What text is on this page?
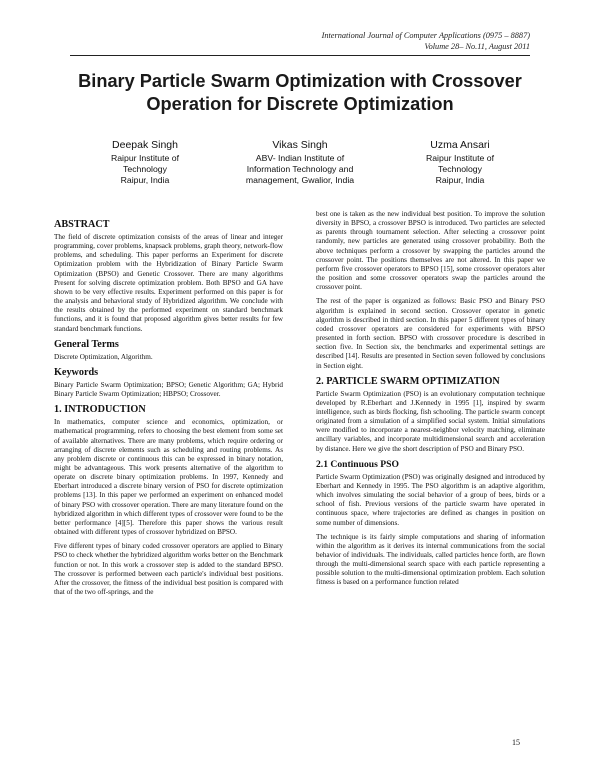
International Journal of Computer Applications (0975 – 8887)
Volume 28– No.11, August 2011
Binary Particle Swarm Optimization with Crossover
Operation for Discrete Optimization
Deepak Singh
Raipur Institute of
Technology
Raipur, India
Vikas Singh
ABV- Indian Institute of
Information Technology and
management, Gwalior, India
Uzma Ansari
Raipur Institute of
Technology
Raipur, India
ABSTRACT

The field of discrete optimization consists of the areas of linear and integer programming, cover problems, knapsack problems, graph theory, network-flow problems, and scheduling. This paper performs an Experiment for discrete Optimization problem with the Hybridization of Binary Particle Swarm Optimization (BPSO) and Genetic Crossover. There are many algorithms Present for solving discrete optimization problem. Both BPSO and GA have shown to be very effective results. Experiment performed on this paper is for the analysis and behavioral study of Hybridized algorithm. We conclude with the results obtained by the performed experiment on standard benchmark functions, and it is found that proposed algorithm gives better results for few standard benchmark functions.

General Terms

Discrete Optimization, Algorithm.

Keywords

Binary Particle Swarm Optimization; BPSO; Genetic Algorithm; GA; Hybrid Binary Particle Swarm Optimization; HBPSO; Crossover.

1. INTRODUCTION

In mathematics, computer science and economics, optimization, or mathematical programming, refers to choosing the best element from some set of available alternatives. There are many problems, which require ordering or arranging of discrete elements such as scheduling and routing problems. As any problem discrete or continuous this can be expressed in binary notation, might be advantageous. This work presents alternative of the algorithm to operate on discrete binary optimization problems. In 1997, Kennedy and Eberhart introduced a discrete binary version of PSO for discrete optimization problems [13]. In this paper we performed an experiment on enhanced model of binary PSO with crossover operation. There are many literature found on the hybridized algorithm in which different types of crossover were found to be the better performance [4][5]. Therefore this paper shows the various result obtained with different types of crossover hybridized on BPSO.

Five different types of binary coded crossover operators are applied to Binary PSO to check whether the hybridized algorithm works better on the Benchmark function or not. In this work a crossover step is added to the standard BPSO. The crossover is performed between each particle's individual best positions. After the crossover, the fitness of the individual best position is compared with that of the two off-springs, and the

best one is taken as the new individual best position. To improve the solution diversity in BPSO, a crossover BPSO is introduced. Two particles are selected as parents through tournament selection. After selecting a crossover point randomly, new particles are generated using crossover probability. Both the above techniques perform a crossover by swapping the particles around the crossover point. The positions themselves are not altered. In this paper we perform five crossover operators to BPSO [15], some crossover operators alter the position and some crossover operators swap the particles around the crossover point.

The rest of the paper is organized as follows: Basic PSO and Binary PSO algorithm is explained in second section. Crossover operator in genetic algorithm is described in third section. In this paper 5 different types of binary coded crossover operators are considered for experiments with BPSO presented in forth section. BPSO with crossover procedure is described in section five. In Section six, the benchmarks and experimental settings are described [14]. Results are presented in Section seven followed by conclusions in Section eight.

2. PARTICLE SWARM OPTIMIZATION

Particle Swarm Optimization (PSO) is an evolutionary computation technique developed by R.Eberhart and J.Kennedy in 1995 [1], inspired by swarm intelligence, such as birds flocking, fish schooling. The particle swarm concept originated from a simulation of a simplified social system. Initial simulations were modified to incorporate a nearest-neighbor velocity matching, eliminate ancillary variables, and incorporate multidimensional search and acceleration by distance. Here we give the short description of PSO and Binary PSO.

2.1 Continuous PSO

Particle Swarm Optimization (PSO) was originally designed and introduced by Eberhart and Kennedy in 1995. The PSO algorithm is an adaptive algorithm, which involves simulating the social behavior of a group of bees, birds or a school of fish. Previous versions of the particle swarm have operated in continuous space, where trajectories are defined as changes in position on some number of dimensions.

The technique is its fairly simple computations and sharing of information within the algorithm as it derives its internal communications from the social behavior of individuals. The individuals, called particles hence forth, are flown through the multi-dimensional search space with each particle representing a possible solution to the multi-dimensional optimization problem. Each solution fitness is based on a performance function related

15
